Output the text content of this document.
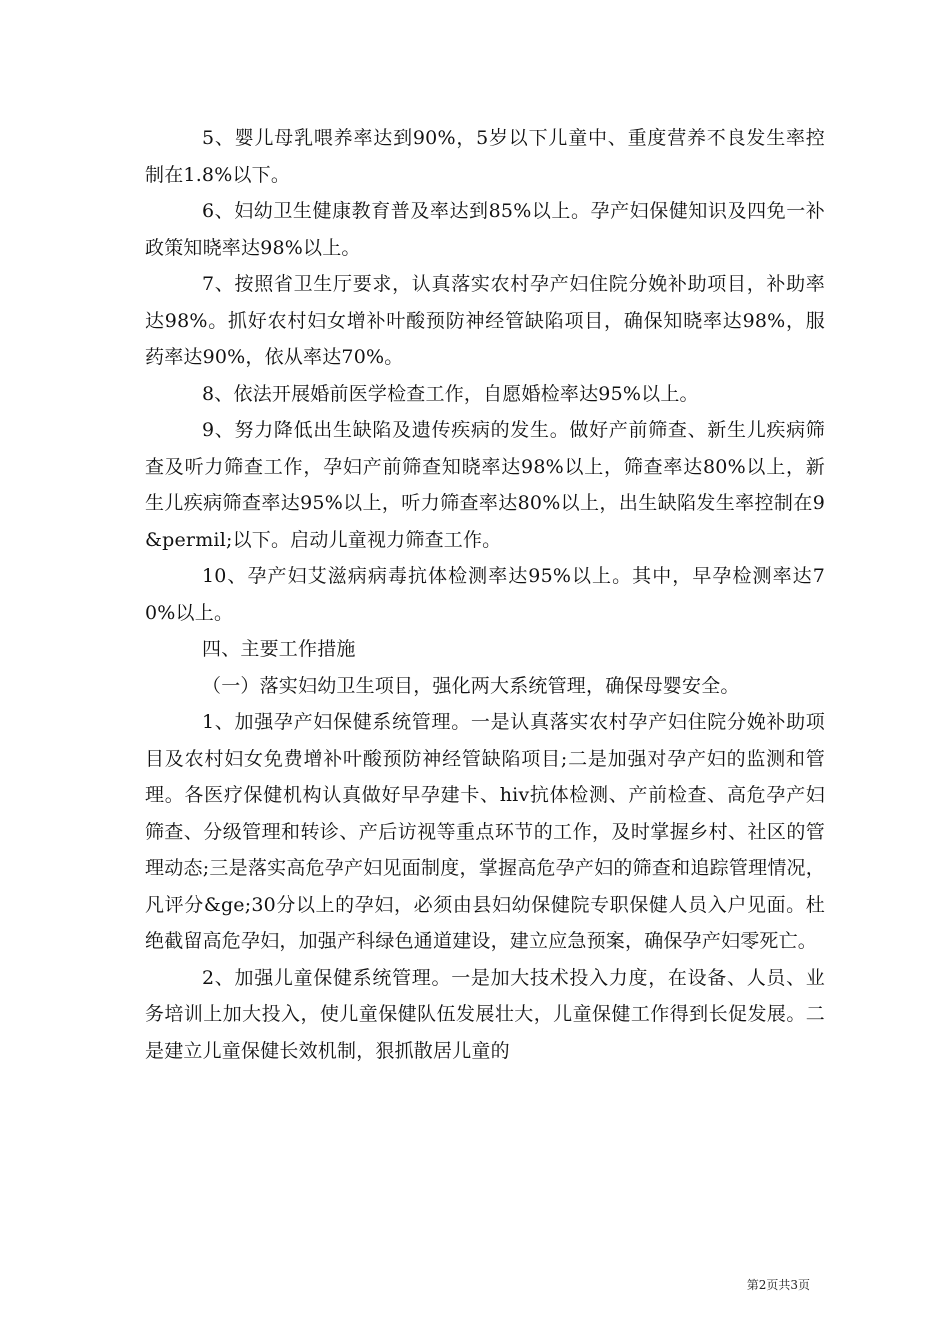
5、婴儿母乳喂养率达到90%，5岁以下儿童中、重度营养不良发生率控制在1.8%以下。

6、妇幼卫生健康教育普及率达到85%以上。孕产妇保健知识及四免一补政策知晓率达98%以上。

7、按照省卫生厅要求，认真落实农村孕产妇住院分娩补助项目，补助率达98%。抓好农村妇女增补叶酸预防神经管缺陷项目，确保知晓率达98%，服药率达90%，依从率达70%。

8、依法开展婚前医学检查工作，自愿婚检率达95%以上。

9、努力降低出生缺陷及遗传疾病的发生。做好产前筛查、新生儿疾病筛查及听力筛查工作，孕妇产前筛查知晓率达98%以上，筛查率达80%以上，新生儿疾病筛查率达95%以上，听力筛查率达80%以上，出生缺陷发生率控制在9&permil;以下。启动儿童视力筛查工作。

10、孕产妇艾滋病病毒抗体检测率达95%以上。其中，早孕检测率达70%以上。

四、主要工作措施

（一）落实妇幼卫生项目，强化两大系统管理，确保母婴安全。

1、加强孕产妇保健系统管理。一是认真落实农村孕产妇住院分娩补助项目及农村妇女免费增补叶酸预防神经管缺陷项目;二是加强对孕产妇的监测和管理。各医疗保健机构认真做好早孕建卡、hiv抗体检测、产前检查、高危孕产妇筛查、分级管理和转诊、产后访视等重点环节的工作，及时掌握乡村、社区的管理动态;三是落实高危孕产妇见面制度，掌握高危孕产妇的筛查和追踪管理情况，凡评分&ge;30分以上的孕妇，必须由县妇幼保健院专职保健人员入户见面。杜绝截留高危孕妇，加强产科绿色通道建设，建立应急预案，确保孕产妇零死亡。

2、加强儿童保健系统管理。一是加大技术投入力度，在设备、人员、业务培训上加大投入，使儿童保健队伍发展壮大，儿童保健工作得到长促发展。二是建立儿童保健长效机制，狠抓散居儿童的

第2页共3页
